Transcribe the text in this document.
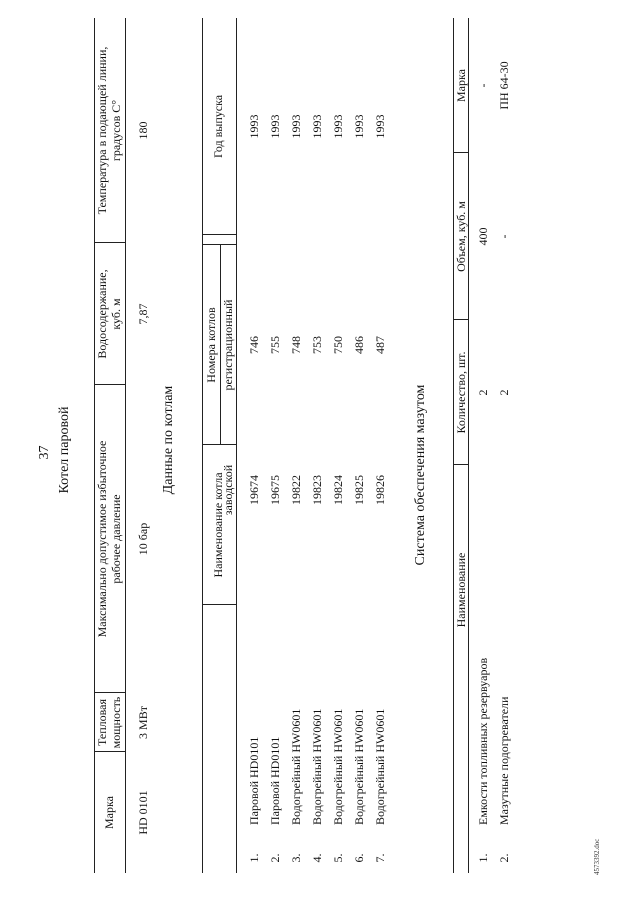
37 Котел паровой
Марка
Тепловая мощность
Максимально допустимое избыточное рабочее давление
Водосодержание, куб. м
Температура в подающей линии, градусов С°
HD 0101
3 МВт
10 бар
7,87
180
Данные по котлам
Наименование котла
Номера котлов
заводской
регистрационный
Год выпуска
1.
Паровой HD0101
19674
746
1993
2.
Паровой HD0101
19675
755
1993
3.
Водогрейный HW0601
19822
748
1993
4.
Водогрейный HW0601
19823
753
1993
5.
Водогрейный HW0601
19824
750
1993
6.
Водогрейный HW0601
19825
486
1993
7.
Водогрейный HW0601
19826
487
1993
Система обеспечения мазутом
Наименование
Количество, шт.
Объем, куб. м
Марка
1.
Емкости топливных резервуаров
2
400
-
2.
Мазутные подогреватели
2
-
ПН 64-30
4573392.doc
